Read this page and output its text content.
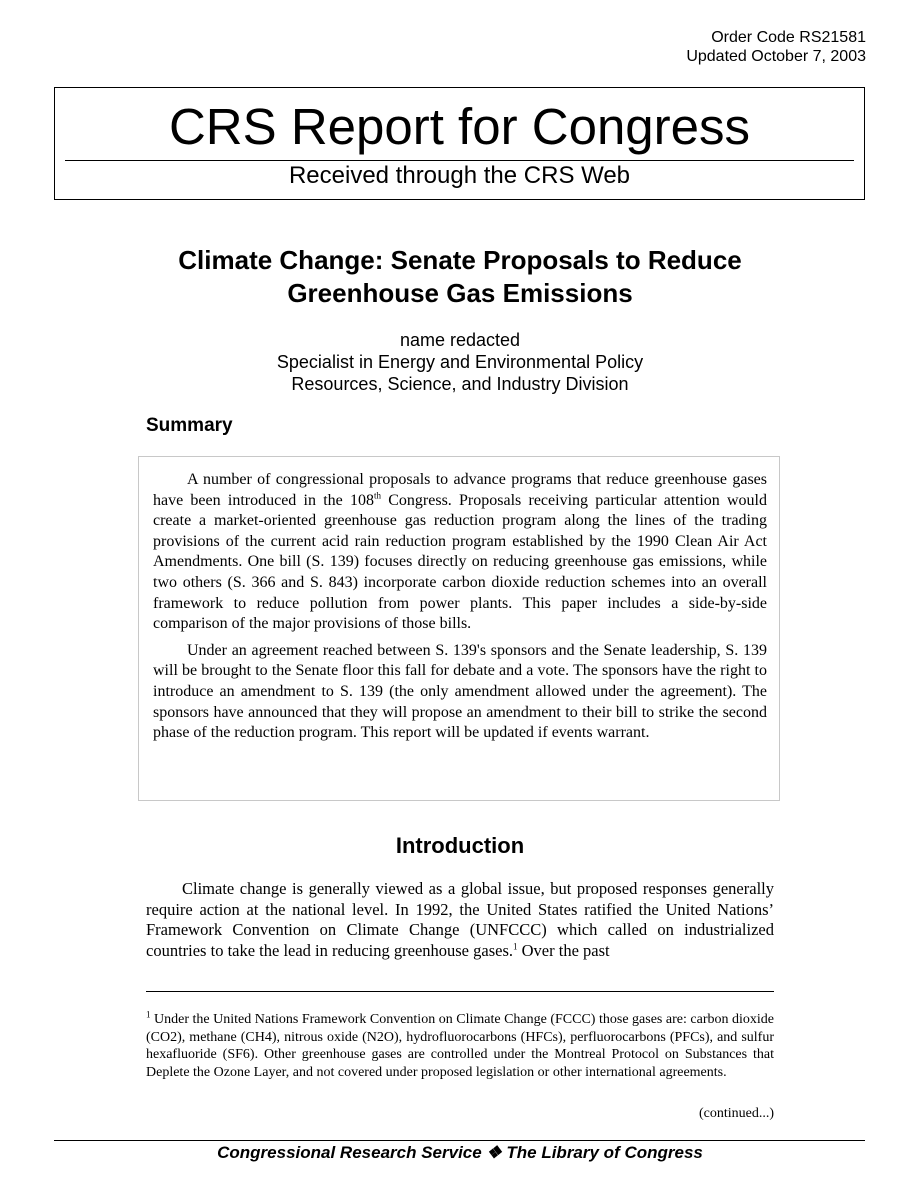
Order Code RS21581
Updated October 7, 2003
CRS Report for Congress
Received through the CRS Web
Climate Change: Senate Proposals to Reduce
Greenhouse Gas Emissions
name redacted
Specialist in Energy and Environmental Policy
Resources, Science, and Industry Division
Summary

A number of congressional proposals to advance programs that reduce greenhouse gases have been introduced in the 108th Congress. Proposals receiving particular attention would create a market-oriented greenhouse gas reduction program along the lines of the trading provisions of the current acid rain reduction program established by the 1990 Clean Air Act Amendments. One bill (S. 139) focuses directly on reducing greenhouse gas emissions, while two others (S. 366 and S. 843) incorporate carbon dioxide reduction schemes into an overall framework to reduce pollution from power plants. This paper includes a side-by-side comparison of the major provisions of those bills.

Under an agreement reached between S. 139's sponsors and the Senate leadership, S. 139 will be brought to the Senate floor this fall for debate and a vote. The sponsors have the right to introduce an amendment to S. 139 (the only amendment allowed under the agreement). The sponsors have announced that they will propose an amendment to their bill to strike the second phase of the reduction program. This report will be updated if events warrant.

Introduction

Climate change is generally viewed as a global issue, but proposed responses generally require action at the national level. In 1992, the United States ratified the United Nations’ Framework Convention on Climate Change (UNFCCC) which called on industrialized countries to take the lead in reducing greenhouse gases.$^1$ Over the past

$^1$ Under the United Nations Framework Convention on Climate Change (FCCC) those gases are: carbon dioxide (CO2), methane (CH4), nitrous oxide (N2O), hydrofluorocarbons (HFCs), perfluorocarbons (PFCs), and sulfur hexafluoride (SF6). Other greenhouse gases are controlled under the Montreal Protocol on Substances that Deplete the Ozone Layer, and not covered under proposed legislation or other international agreements.

(continued...)
Congressional Research Service ❖ The Library of Congress
